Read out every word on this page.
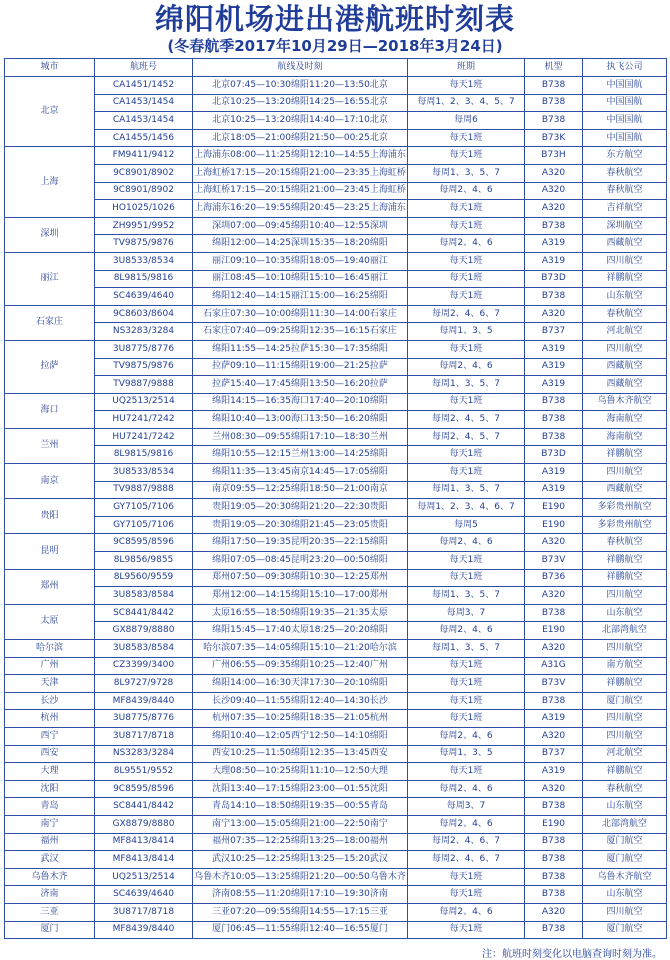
绵阳机场进出港航班时刻表
(冬春航季2017年10月29日—2018年3月24日)
城市	航班号	航线及时刻	班期	机型	执飞公司
北京	CA1451/1452	北京07:45—10:30绵阳11:20—13:50北京	每天1班	B738	中国国航
	CA1453/1454	北京10:25—13:20绵阳14:25—16:55北京	每周1、2、3、4、5、7	B738	中国国航
	CA1453/1454	北京10:25—13:20绵阳14:40—17:10北京	每周6	B738	中国国航
	CA1455/1456	北京18:05—21:00绵阳21:50—00:25北京	每天1班	B73K	中国国航
上海	FM9411/9412	上海浦东08:00—11:25绵阳12:10—14:55上海浦东	每天1班	B73H	东方航空
	9C8901/8902	上海虹桥17:15—20:15绵阳21:00—23:35上海虹桥	每周1、3、5、7	A320	春秋航空
	9C8901/8902	上海虹桥17:15—20:15绵阳21:00—23:45上海虹桥	每周2、4、6	A320	春秋航空
	HO1025/1026	上海浦东16:20—19:55绵阳20:45—23:25上海浦东	每天1班	A320	吉祥航空
深圳	ZH9951/9952	深圳07:00—09:45绵阳10:40—12:55深圳	每天1班	B738	深圳航空
	TV9875/9876	绵阳12:00—14:25深圳15:35—18:20绵阳	每周2、4、6	A319	西藏航空
丽江	3U8533/8534	丽江09:10—10:35绵阳18:05—19:40丽江	每天1班	A319	四川航空
	8L9815/9816	丽江08:45—10:10绵阳15:10—16:45丽江	每天1班	B73D	祥鹏航空
	SC4639/4640	绵阳12:40—14:15丽江15:00—16:25绵阳	每天1班	B738	山东航空
石家庄	9C8603/8604	石家庄07:30—10:00绵阳11:30—14:00石家庄	每周2、4、6、7	A320	春秋航空
	NS3283/3284	石家庄07:40—09:25绵阳12:35—16:15石家庄	每周1、3、5	B737	河北航空
拉萨	3U8775/8776	绵阳11:55—14:25拉萨15:30—17:35绵阳	每天1班	A319	四川航空
	TV9875/9876	拉萨09:10—11:15绵阳19:00—21:25拉萨	每周2、4、6	A319	西藏航空
	TV9887/9888	拉萨15:40—17:45绵阳13:50—16:20拉萨	每周1、3、5、7	A319	西藏航空
海口	UQ2513/2514	绵阳14:15—16:35海口17:40—20:10绵阳	每天1班	B738	乌鲁木齐航空
	HU7241/7242	绵阳10:40—13:00海口13:50—16:20绵阳	每周2、4、5、7	B738	海南航空
兰州	HU7241/7242	兰州08:30—09:55绵阳17:10—18:30兰州	每周2、4、5、7	B738	海南航空
	8L9815/9816	绵阳10:55—12:15兰州13:00—14:25绵阳	每天1班	B73D	祥鹏航空
南京	3U8533/8534	绵阳11:35—13:45南京14:45—17:05绵阳	每天1班	A319	四川航空
	TV9887/9888	南京09:55—12:25绵阳18:50—21:00南京	每周1、3、5、7	A319	西藏航空
贵阳	GY7105/7106	贵阳19:05—20:30绵阳21:20—22:30贵阳	每周1、2、3、4、6、7	E190	多彩贵州航空
	GY7105/7106	贵阳19:05—20:30绵阳21:45—23:05贵阳	每周5	E190	多彩贵州航空
昆明	9C8595/8596	绵阳17:50—19:35昆明20:35—22:15绵阳	每周2、4、6	A320	春秋航空
	8L9856/9855	绵阳07:05—08:45昆明23:20—00:50绵阳	每天1班	B73V	祥鹏航空
郑州	8L9560/9559	郑州07:50—09:30绵阳10:30—12:25郑州	每天1班	B736	祥鹏航空
	3U8583/8584	郑州12:00—14:15绵阳15:10—17:00郑州	每周1、3、5、7	A320	四川航空
太原	SC8441/8442	太原16:55—18:50绵阳19:35—21:35太原	每周3、7	B738	山东航空
	GX8879/8880	绵阳15:45—17:40太原18:25—20:20绵阳	每周2、4、6	E190	北部湾航空
哈尔滨	3U8583/8584	哈尔滨07:35—14:05绵阳15:10—21:20哈尔滨	每周1、3、5、7	A320	四川航空
广州	CZ3399/3400	广州06:55—09:35绵阳10:25—12:40广州	每天1班	A31G	南方航空
天津	8L9727/9728	绵阳14:00—16:30天津17:30—20:10绵阳	每天1班	B73V	祥鹏航空
长沙	MF8439/8440	长沙09:40—11:55绵阳12:40—14:30长沙	每天1班	B738	厦门航空
杭州	3U8775/8776	杭州07:35—10:25绵阳18:35—21:05杭州	每天1班	A319	四川航空
西宁	3U8717/8718	绵阳10:40—12:05西宁12:50—14:10绵阳	每周2、4、6	A320	四川航空
西安	NS3283/3284	西安10:25—11:50绵阳12:35—13:45西安	每周1、3、5	B737	河北航空
大理	8L9551/9552	大理08:50—10:25绵阳11:10—12:50大理	每天1班	A319	祥鹏航空
沈阳	9C8595/8596	沈阳13:40—17:15绵阳23:00—01:55沈阳	每周2、4、6	A320	春秋航空
青岛	SC8441/8442	青岛14:10—18:50绵阳19:35—00:55青岛	每周3、7	B738	山东航空
南宁	GX8879/8880	南宁13:00—15:05绵阳21:00—22:50南宁	每周2、4、6	E190	北部湾航空
福州	MF8413/8414	福州07:35—12:25绵阳13:25—18:00福州	每周2、4、6、7	B738	厦门航空
武汉	MF8413/8414	武汉10:25—12:25绵阳13:25—15:20武汉	每周2、4、6、7	B738	厦门航空
乌鲁木齐	UQ2513/2514	乌鲁木齐10:05—13:25绵阳21:20—00:50乌鲁木齐	每天1班	B738	乌鲁木齐航空
济南	SC4639/4640	济南08:55—11:20绵阳17:10—19:30济南	每天1班	B738	山东航空
三亚	3U8717/8718	三亚07:20—09:55绵阳14:55—17:15三亚	每周2、4、6	A320	四川航空
厦门	MF8439/8440	厦门06:45—11:55绵阳12:40—16:55厦门	每天1班	B738	厦门航空
注：航班时刻变化以电脑查询时刻为准。
